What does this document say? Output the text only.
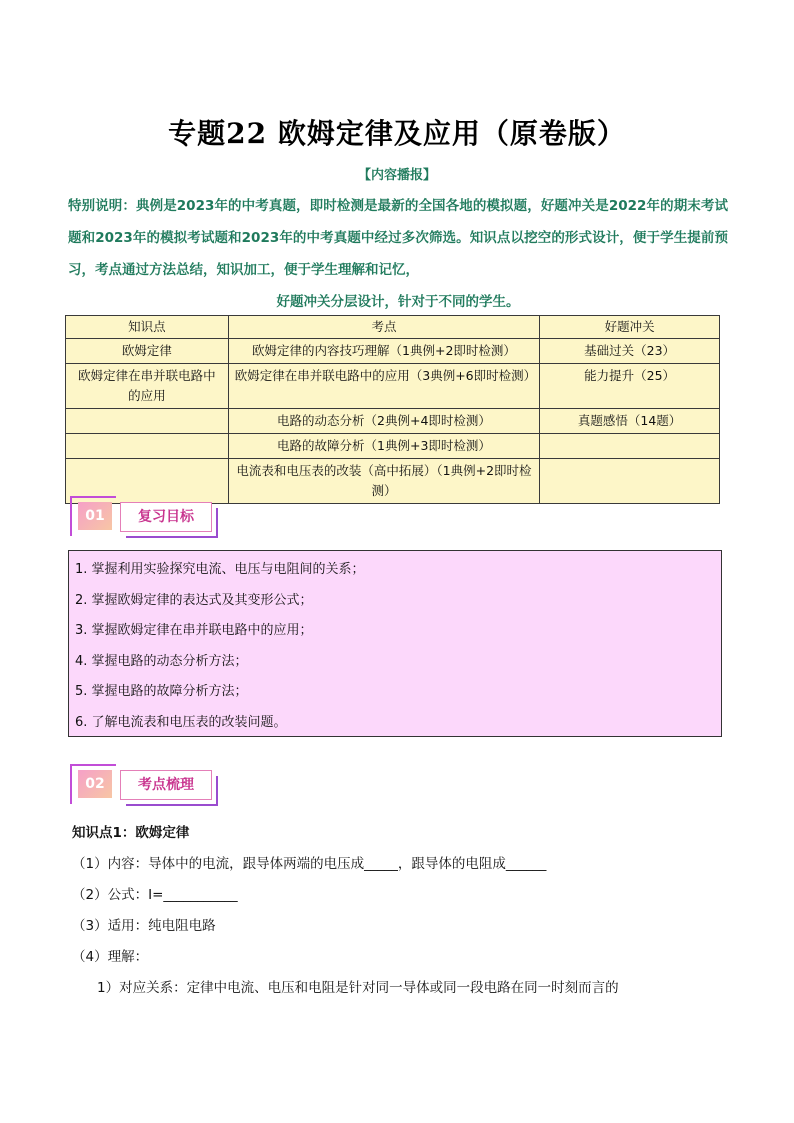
专题22 欧姆定律及应用（原卷版）
【内容播报】
特别说明：典例是2023年的中考真题，即时检测是最新的全国各地的模拟题，好题冲关是2022年的期末考试题和2023年的模拟考试题和2023年的中考真题中经过多次筛选。知识点以挖空的形式设计，便于学生提前预习，考点通过方法总结，知识加工，便于学生理解和记忆，
好题冲关分层设计，针对于不同的学生。
知识点	考点	好题冲关
欧姆定律	欧姆定律的内容技巧理解（1典例+2即时检测）	基础过关（23）
欧姆定律在串并联电路中的应用	欧姆定律在串并联电路中的应用（3典例+6即时检测）	能力提升（25）
	电路的动态分析（2典例+4即时检测）	真题感悟（14题）
	电路的故障分析（1典例+3即时检测）	
	电流表和电压表的改装（高中拓展）（1典例+2即时检测）	
01	复习目标
1. 掌握利用实验探究电流、电压与电阻间的关系；
2. 掌握欧姆定律的表达式及其变形公式；
3. 掌握欧姆定律在串并联电路中的应用；
4. 掌握电路的动态分析方法；
5. 掌握电路的故障分析方法；
6. 了解电流表和电压表的改装问题。
02	考点梳理
知识点1：欧姆定律
（1）内容：导体中的电流，跟导体两端的电压成_____，跟导体的电阻成______
（2）公式：I=___________
（3）适用：纯电阻电路
（4）理解：
1）对应关系：定律中电流、电压和电阻是针对同一导体或同一段电路在同一时刻而言的
